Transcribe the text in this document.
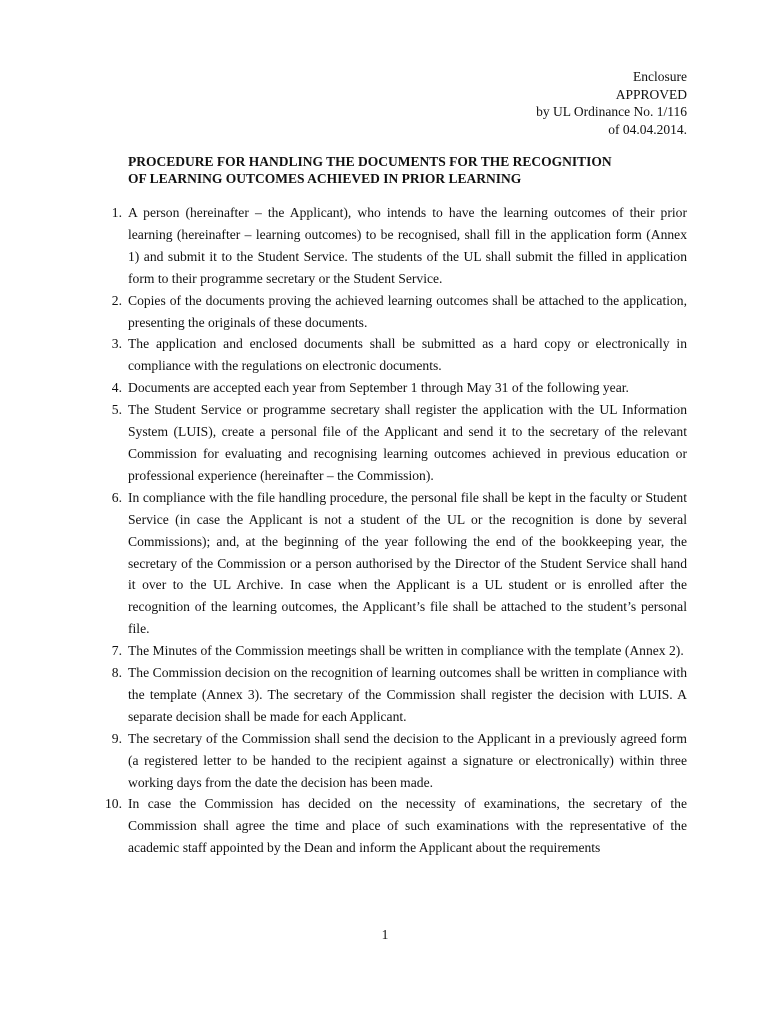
Enclosure
APPROVED
by UL Ordinance No. 1/116
of 04.04.2014.
PROCEDURE FOR HANDLING THE DOCUMENTS FOR THE RECOGNITION
OF LEARNING OUTCOMES ACHIEVED IN PRIOR LEARNING
1. A person (hereinafter – the Applicant), who intends to have the learning outcomes of their prior learning (hereinafter – learning outcomes) to be recognised, shall fill in the application form (Annex 1) and submit it to the Student Service. The students of the UL shall submit the filled in application form to their programme secretary or the Student Service.
2. Copies of the documents proving the achieved learning outcomes shall be attached to the application, presenting the originals of these documents.
3. The application and enclosed documents shall be submitted as a hard copy or electronically in compliance with the regulations on electronic documents.
4. Documents are accepted each year from September 1 through May 31 of the following year.
5. The Student Service or programme secretary shall register the application with the UL Information System (LUIS), create a personal file of the Applicant and send it to the secretary of the relevant Commission for evaluating and recognising learning outcomes achieved in previous education or professional experience (hereinafter – the Commission).
6. In compliance with the file handling procedure, the personal file shall be kept in the faculty or Student Service (in case the Applicant is not a student of the UL or the recognition is done by several Commissions); and, at the beginning of the year following the end of the bookkeeping year, the secretary of the Commission or a person authorised by the Director of the Student Service shall hand it over to the UL Archive. In case when the Applicant is a UL student or is enrolled after the recognition of the learning outcomes, the Applicant’s file shall be attached to the student’s personal file.
7. The Minutes of the Commission meetings shall be written in compliance with the template (Annex 2).
8. The Commission decision on the recognition of learning outcomes shall be written in compliance with the template (Annex 3). The secretary of the Commission shall register the decision with LUIS. A separate decision shall be made for each Applicant.
9. The secretary of the Commission shall send the decision to the Applicant in a previously agreed form (a registered letter to be handed to the recipient against a signature or electronically) within three working days from the date the decision has been made.
10. In case the Commission has decided on the necessity of examinations, the secretary of the Commission shall agree the time and place of such examinations with the representative of the academic staff appointed by the Dean and inform the Applicant about the requirements
1
